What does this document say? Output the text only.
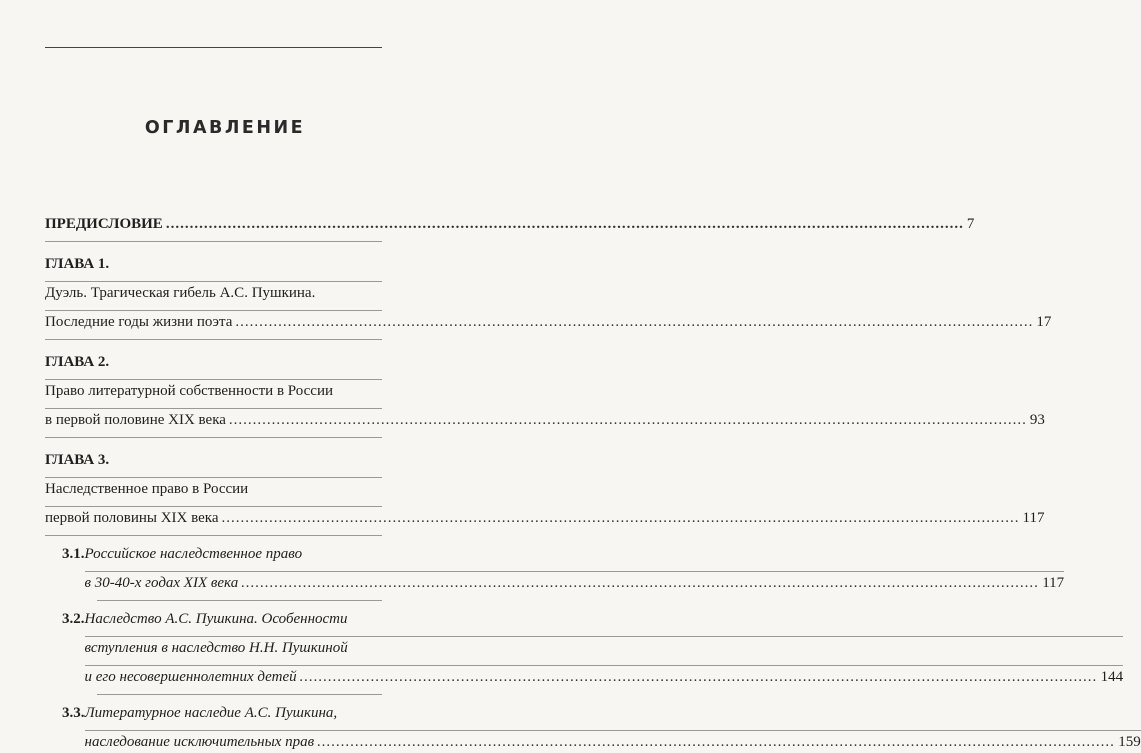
ОГЛАВЛЕНИЕ
ПРЕДИСЛОВИЕ .....	7
ГЛАВА 1.
Дуэль. Трагическая гибель А.С. Пушкина.
Последние годы жизни поэта .....	17
ГЛАВА 2.
Право литературной собственности в России
в первой половине XIX века .....	93
ГЛАВА 3.
Наследственное право в России
первой половины XIX века .....	117
3.1. Российское наследственное право
в 30-40-х годах XIX века .....	117
3.2. Наследство А.С. Пушкина. Особенности
вступления в наследство Н.Н. Пушкиной
и его несовершеннолетних детей .....	144
3.3. Литературное наследие А.С. Пушкина,
наследование исключительных прав .....	159
